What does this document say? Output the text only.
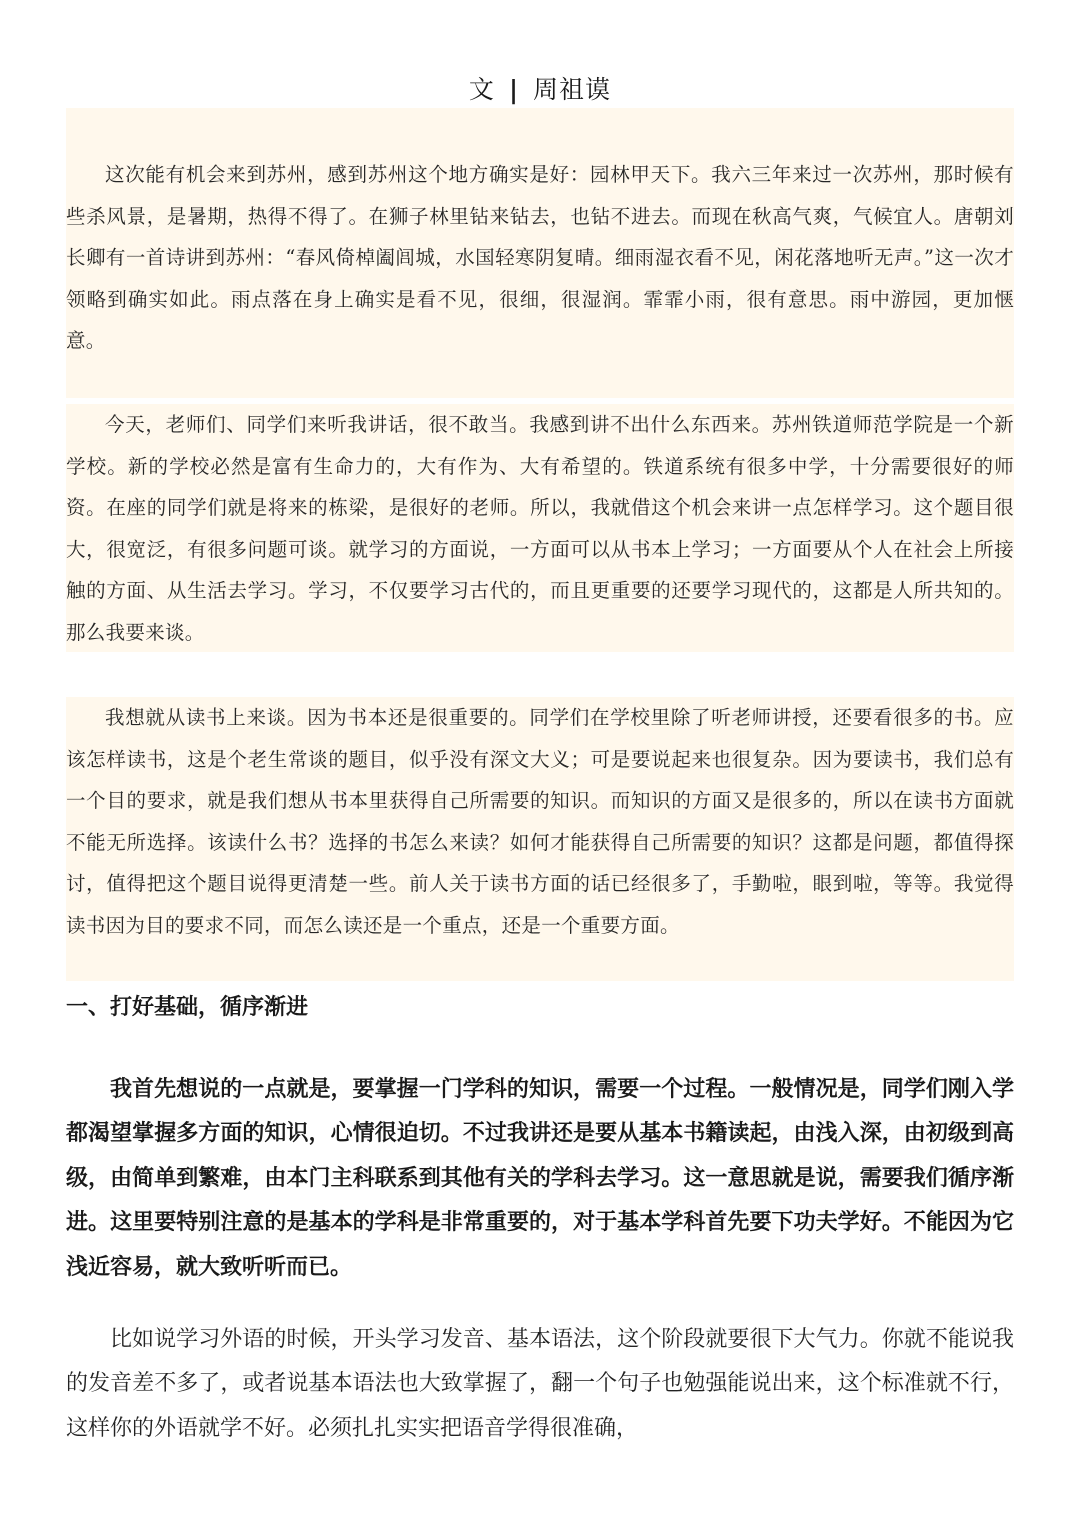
文 | 周祖谟

这次能有机会来到苏州，感到苏州这个地方确实是好：园林甲天下。我六三年来过一次苏州，那时候有些杀风景，是暑期，热得不得了。在狮子林里钻来钻去，也钻不进去。而现在秋高气爽，气候宜人。唐朝刘长卿有一首诗讲到苏州：“春风倚棹阖闾城，水国轻寒阴复晴。细雨湿衣看不见，闲花落地听无声。”这一次才领略到确实如此。雨点落在身上确实是看不见，很细，很湿润。霏霏小雨，很有意思。雨中游园，更加惬意。

今天，老师们、同学们来听我讲话，很不敢当。我感到讲不出什么东西来。苏州铁道师范学院是一个新学校。新的学校必然是富有生命力的，大有作为、大有希望的。铁道系统有很多中学，十分需要很好的师资。在座的同学们就是将来的栋梁，是很好的老师。所以，我就借这个机会来讲一点怎样学习。这个题目很大，很宽泛，有很多问题可谈。就学习的方面说，一方面可以从书本上学习；一方面要从个人在社会上所接触的方面、从生活去学习。学习，不仅要学习古代的，而且更重要的还要学习现代的，这都是人所共知的。那么我要来谈。

我想就从读书上来谈。因为书本还是很重要的。同学们在学校里除了听老师讲授，还要看很多的书。应该怎样读书，这是个老生常谈的题目，似乎没有深文大义；可是要说起来也很复杂。因为要读书，我们总有一个目的要求，就是我们想从书本里获得自己所需要的知识。而知识的方面又是很多的，所以在读书方面就不能无所选择。该读什么书？选择的书怎么来读？如何才能获得自己所需要的知识？这都是问题，都值得探讨，值得把这个题目说得更清楚一些。前人关于读书方面的话已经很多了，手勤啦，眼到啦，等等。我觉得读书因为目的要求不同，而怎么读还是一个重点，还是一个重要方面。

一、打好基础，循序渐进

我首先想说的一点就是，要掌握一门学科的知识，需要一个过程。一般情况是，同学们刚入学都渴望掌握多方面的知识，心情很迫切。不过我讲还是要从基本书籍读起，由浅入深，由初级到高级，由简单到繁难，由本门主科联系到其他有关的学科去学习。这一意思就是说，需要我们循序渐进。这里要特别注意的是基本的学科是非常重要的，对于基本学科首先要下功夫学好。不能因为它浅近容易，就大致听听而已。

比如说学习外语的时候，开头学习发音、基本语法，这个阶段就要很下大气力。你就不能说我的发音差不多了，或者说基本语法也大致掌握了，翻一个句子也勉强能说出来，这个标准就不行，这样你的外语就学不好。必须扎扎实实把语音学得很准确，
